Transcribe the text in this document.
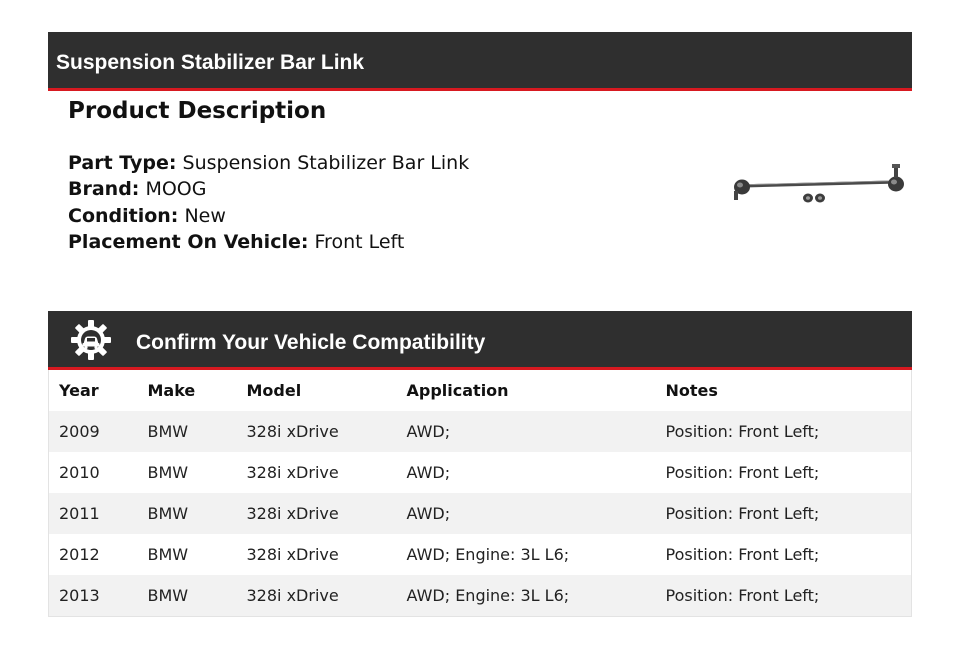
Suspension Stabilizer Bar Link
Product Description
Part Type: Suspension Stabilizer Bar Link
Brand: MOOG
Condition: New
Placement On Vehicle: Front Left
Confirm Your Vehicle Compatibility
Year	Make	Model	Application	Notes
2009	BMW	328i xDrive	AWD;	Position: Front Left;
2010	BMW	328i xDrive	AWD;	Position: Front Left;
2011	BMW	328i xDrive	AWD;	Position: Front Left;
2012	BMW	328i xDrive	AWD; Engine: 3L L6;	Position: Front Left;
2013	BMW	328i xDrive	AWD; Engine: 3L L6;	Position: Front Left;
